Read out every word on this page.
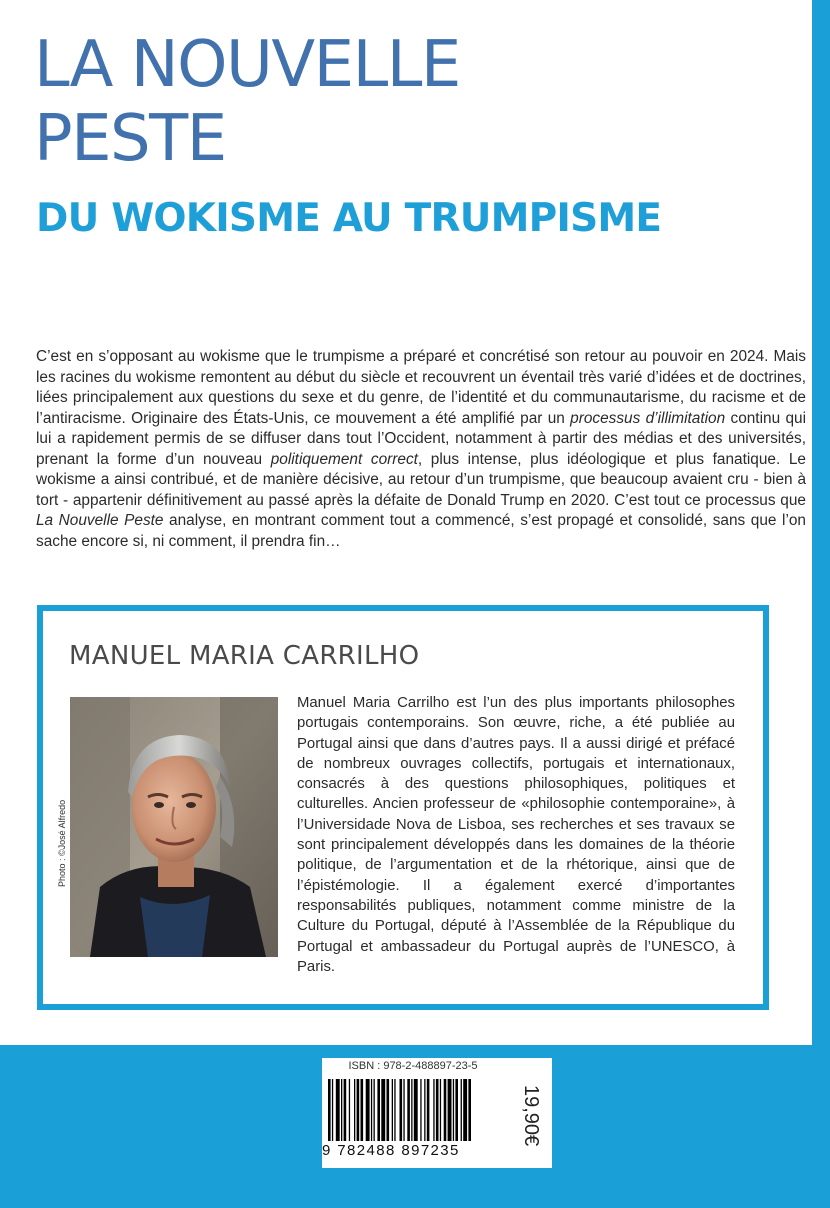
LA NOUVELLE
PESTE
DU WOKISME AU TRUMPISME

C’est en s’opposant au wokisme que le trumpisme a préparé et concrétisé son retour au pouvoir en 2024. Mais les racines du wokisme remontent au début du siècle et recouvrent un éventail très varié d’idées et de doctrines, liées principalement aux questions du sexe et du genre, de l’identité et du communautarisme, du racisme et de l’antiracisme. Originaire des États-Unis, ce mouvement a été amplifié par un processus d’illimitation continu qui lui a rapidement permis de se diffuser dans tout l’Occident, notamment à partir des médias et des universités, prenant la forme d’un nouveau politiquement correct, plus intense, plus idéologique et plus fanatique. Le wokisme a ainsi contribué, et de manière décisive, au retour d’un trumpisme, que beaucoup avaient cru - bien à tort - appartenir définitivement au passé après la défaite de Donald Trump en 2020. C’est tout ce processus que La Nouvelle Peste analyse, en montrant comment tout a commencé, s’est propagé et consolidé, sans que l’on sache encore si, ni comment, il prendra fin…

MANUEL MARIA CARRILHO
Photo : ©José Alfredo

Manuel Maria Carrilho est l’un des plus importants philosophes portugais contemporains. Son œuvre, riche, a été publiée au Portugal ainsi que dans d’autres pays. Il a aussi dirigé et préfacé de nombreux ouvrages collectifs, portugais et internationaux, consacrés à des questions philosophiques, politiques et culturelles. Ancien professeur de «philosophie contemporaine», à l’Universidade Nova de Lisboa, ses recherches et ses travaux se sont principalement développés dans les domaines de la théorie politique, de l’argumentation et de la rhétorique, ainsi que de l’épistémologie. Il a également exercé d’importantes responsabilités publiques, notamment comme ministre de la Culture du Portugal, député à l’Assemblée de la République du Portugal et ambassadeur du Portugal auprès de l’UNESCO, à Paris.

ISBN : 978-2-488897-23-5
9 782488 897235
19,90€
